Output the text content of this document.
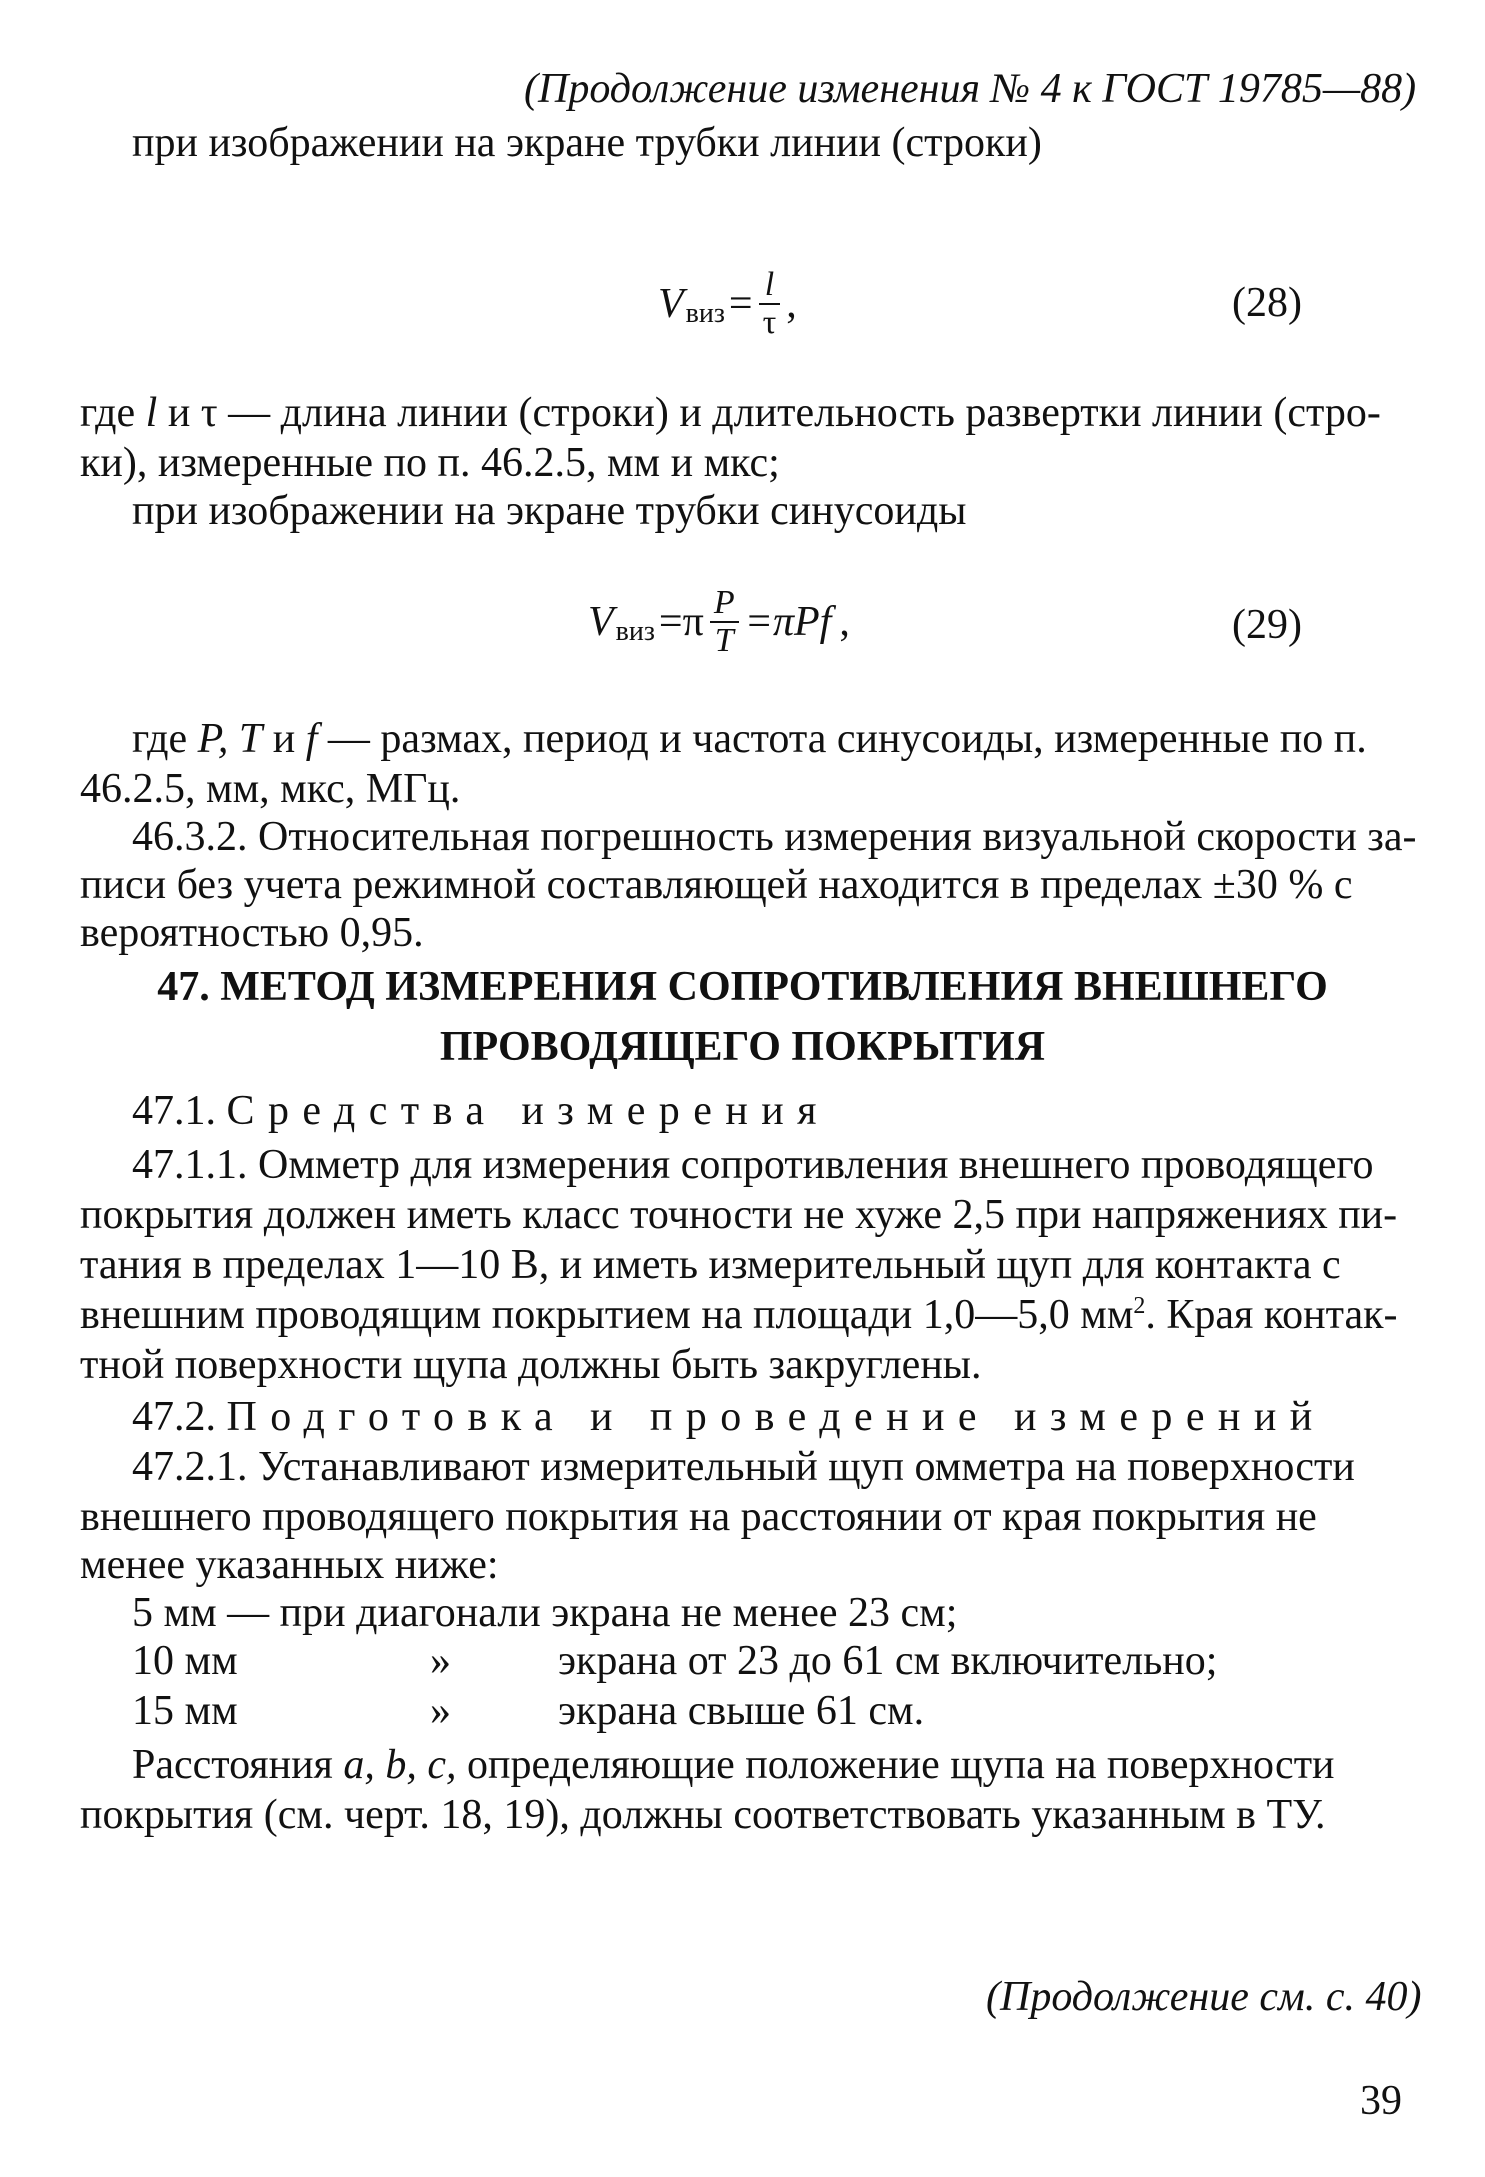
(Продолжение изменения № 4 к ГОСТ 19785—88)
при изображении на экране трубки линии (строки)
V виз = $\frac{l}{\tau}$ ,	(28)
где l и τ — длина линии (строки) и длительность развертки линии (стро-
ки), измеренные по п. 46.2.5, мм и мкс;
при изображении на экране трубки синусоиды
V виз $=\pi \frac{P}{T} =\pi Pf$ ,	(29)
где P, T и f — размах, период и частота синусоиды, измеренные по п.
46.2.5, мм, мкс, МГц.
46.3.2. Относительная погрешность измерения визуальной скорости за-
писи без учета режимной составляющей находится в пределах ±30 % с
вероятностью 0,95.
47. МЕТОД ИЗМЕРЕНИЯ СОПРОТИВЛЕНИЯ ВНЕШНЕГО
ПРОВОДЯЩЕГО ПОКРЫТИЯ
47.1. Средства измерения
47.1.1. Омметр для измерения сопротивления внешнего проводящего
покрытия должен иметь класс точности не хуже 2,5 при напряжениях пи-
тания в пределах 1—10 В, и иметь измерительный щуп для контакта с
внешним проводящим покрытием на площади 1,0—5,0 $мм^2$. Края контак-
тной поверхности щупа должны быть закруглены.
47.2. Подготовка и проведение измерений
47.2.1. Устанавливают измерительный щуп омметра на поверхности
внешнего проводящего покрытия на расстоянии от края покрытия не
менее указанных ниже:
5 мм — при диагонали экрана не менее 23 см;
10 мм	»	экрана от 23 до 61 см включительно;
15 мм	»	экрана свыше 61 см.
Расстояния a, b, c, определяющие положение щупа на поверхности
покрытия (см. черт. 18, 19), должны соответствовать указанным в ТУ.
(Продолжение см. с. 40)
39
